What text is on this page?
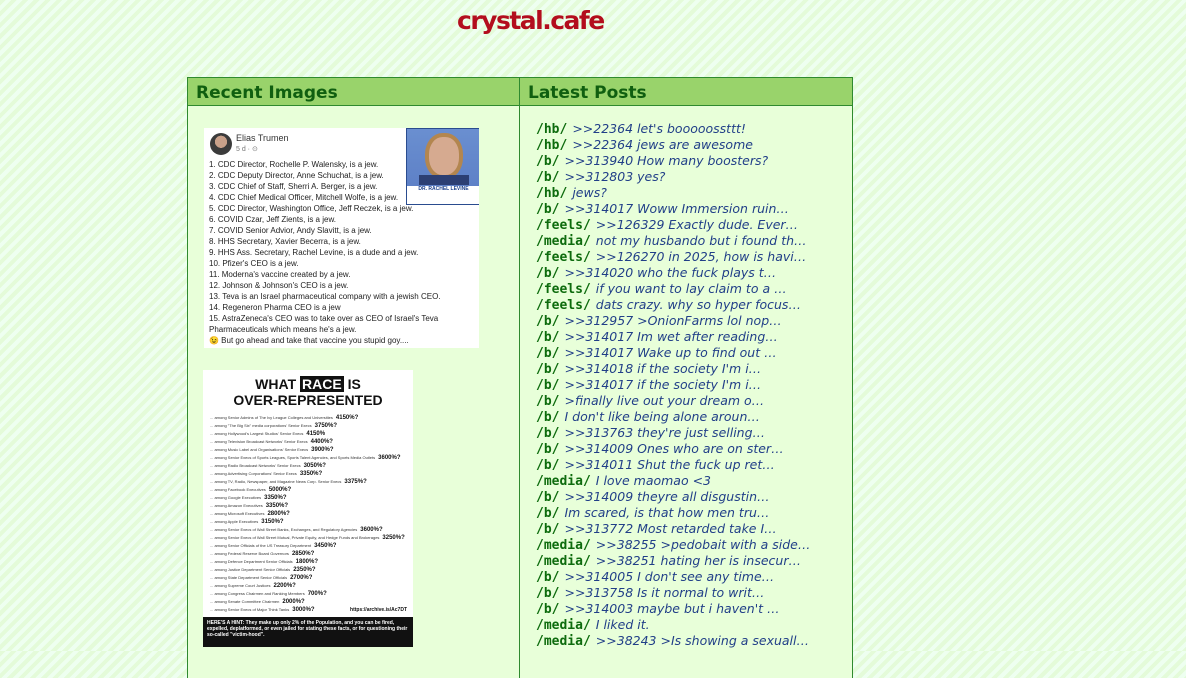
crystal.cafe
Recent Images
Elias Trumen
5 d · ⊙
DR. RACHEL LEVINE
1. CDC Director, Rochelle P. Walensky, is a jew.
2. CDC Deputy Director, Anne Schuchat, is a jew.
3. CDC Chief of Staff, Sherri A. Berger, is a jew.
4. CDC Chief Medical Officer, Mitchell Wolfe, is a jew.
5. CDC Director, Washington Office, Jeff Reczek, is a jew.
6. COVID Czar, Jeff Zients, is a jew.
7. COVID Senior Advior, Andy Slavitt, is a jew.
8. HHS Secretary, Xavier Becerra, is a jew.
9. HHS Ass. Secretary, Rachel Levine, is a dude and a jew.
10. Pfizer's CEO is a jew.
11. Moderna's vaccine created by a jew.
12. Johnson & Johnson's CEO is a jew.
13. Teva is an Israel pharmaceutical company with a jewish CEO.
14. Regeneron Pharma CEO is a jew
15. AstraZeneca's CEO was to take over as CEO of Israel's Teva Pharmaceuticals which means he's a jew.
😉 But go ahead and take that vaccine you stupid goy....
WHAT RACE IS
OVER-REPRESENTED
... among Senior Admins of The Ivy League Colleges and Universities 4150%?
... among "The Big Six" media corporations' Senior Execs 3750%?
... among Hollywood's Largest Studios' Senior Execs 4150%
... among Television Broadcast Networks' Senior Execs 4400%?
... among Music Label and Organisations' Senior Execs 3900%?
... among Senior Execs of Sports Leagues, Sports Talent Agencies, and Sports Media Outlets 3600%?
... among Radio Broadcast Networks' Senior Execs 3050%?
... among Advertising Corporations' Senior Execs 3350%?
... among TV, Radio, Newspaper, and Magazine News Corp. Senior Execs 3375%?
... among Facebook Executives 5000%?
... among Google Executives 3350%?
... among Amazon Executives 3350%?
... among Microsoft Executives 2800%?
... among Apple Executives 3150%?
... among Senior Execs of Wall Street Banks, Exchanges, and Regulatory Agencies 3600%?
... among Senior Execs of Wall Street Mutual, Private Equity, and Hedge Funds and Brokerages 3250%?
... among Senior Officials of the US Treasury Department 3450%?
... among Federal Reserve Board Governors 2850%?
... among Defence Department Senior Officials 1800%?
... among Justice Department Senior Officials 2350%?
... among State Department Senior Officials 2700%?
... among Supreme Court Justices 2200%?
... among Congress Chairmen and Ranking Members 700%?
... among Senate Committee Chairmen 2000%?
... among Senior Execs of Major Think Tanks 3000%?	https://archive.is/Ac7DT
HERE'S A HINT: They make up only 2% of the Population, and you can be fired, expelled, deplatformed, or even jailed for stating these facts, or for questioning their so-called "victim-hood".
Latest Posts
/hb/ >>22364 let's booooossttt!
/hb/ >>22364 jews are awesome
/b/ >>313940 How many boosters?
/b/ >>312803 yes?
/hb/ jews?
/b/ >>314017 Woww Immersion ruin…
/feels/ >>126329 Exactly dude. Ever…
/media/ not my husbando but i found th…
/feels/ >>126270 in 2025, how is havi…
/b/ >>314020 who the fuck plays t…
/feels/ if you want to lay claim to a …
/feels/ dats crazy. why so hyper focus…
/b/ >>312957 >OnionFarms lol nop…
/b/ >>314017 Im wet after reading…
/b/ >>314017 Wake up to find out …
/b/ >>314018 if the society I'm i…
/b/ >>314017 if the society I'm i…
/b/ >finally live out your dream o…
/b/ I don't like being alone aroun…
/b/ >>313763 they're just selling…
/b/ >>314009 Ones who are on ster…
/b/ >>314011 Shut the fuck up ret…
/media/ I love maomao <3
/b/ >>314009 theyre all disgustin…
/b/ Im scared, is that how men tru…
/b/ >>313772 Most retarded take I…
/media/ >>38255 >pedobait with a side…
/media/ >>38251 hating her is insecur…
/b/ >>314005 I don't see any time…
/b/ >>313758 Is it normal to writ…
/b/ >>314003 maybe but i haven't …
/media/ I liked it.
/media/ >>38243 >Is showing a sexuall…
